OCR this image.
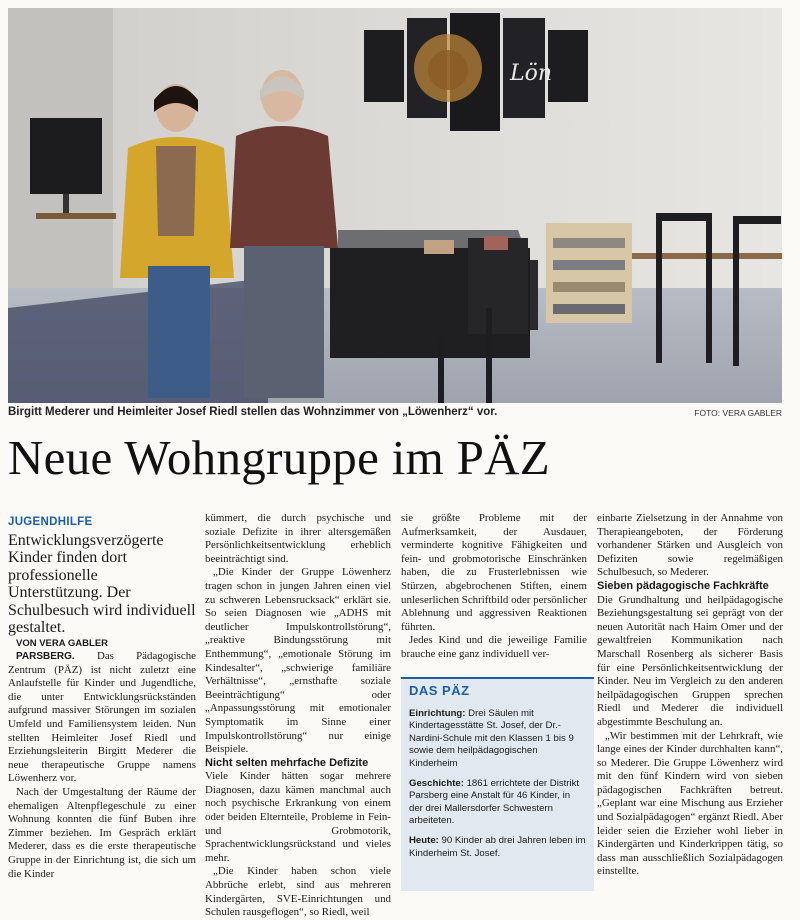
Lön
Birgitt Mederer und Heimleiter Josef Riedl stellen das Wohnzimmer von „Löwenherz“ vor.	FOTO: VERA GABLER
Neue Wohngruppe im PÄZ

JUGENDHILFE Entwicklungsverzögerte Kinder finden dort professionelle Unterstützung. Der Schulbesuch wird individuell gestaltet.

VON VERA GABLER

PARSBERG. Das Pädagogische Zentrum (PÄZ) ist nicht zuletzt eine Anlaufstelle für Kinder und Jugendliche, die unter Entwicklungsrückständen aufgrund massiver Störungen im sozialen Umfeld und Familiensystem leiden. Nun stellten Heimleiter Josef Riedl und Erziehungsleiterin Birgitt Mederer die neue therapeutische Gruppe namens Löwenherz vor.

Nach der Umgestaltung der Räume der ehemaligen Altenpflegeschule zu einer Wohnung konnten die fünf Buben ihre Zimmer beziehen. Im Gespräch erklärt Mederer, dass es die erste therapeutische Gruppe in der Einrichtung ist, die sich um die Kinder

kümmert, die durch psychische und soziale Defizite in ihrer altersgemäßen Persönlichkeitsentwicklung erheblich beeinträchtigt sind.

„Die Kinder der Gruppe Löwenherz tragen schon in jungen Jahren einen viel zu schweren Lebensrucksack“ erklärt sie. So seien Diagnosen wie „ADHS mit deutlicher Impulskontrollstörung“, „reaktive Bindungsstörung mit Enthemmung“, „emotionale Störung im Kindesalter“, „schwierige familiäre Verhältnisse“, „ernsthafte soziale Beeinträchtigung“ oder „Anpassungsstörung mit emotionaler Symptomatik im Sinne einer Impulskontrollstörung“ nur einige Beispiele.

Nicht selten mehrfache Defizite

Viele Kinder hätten sogar mehrere Diagnosen, dazu kämen manchmal auch noch psychische Erkrankung von einem oder beiden Elternteile, Probleme in Fein- und Grobmotorik, Sprachentwicklungsrückstand und vieles mehr.

„Die Kinder haben schon viele Abbrüche erlebt, sind aus mehreren Kindergärten, SVE-Einrichtungen und Schulen rausgeflogen“, so Riedl, weil

sie größte Probleme mit der Aufmerksamkeit, der Ausdauer, verminderte kognitive Fähigkeiten und fein- und grobmotorische Einschränken haben, die zu Frusterlebnissen wie Stürzen, abgebrochenen Stiften, einem unleserlichen Schriftbild oder persönlicher Ablehnung und aggressiven Reaktionen führten.

Jedes Kind und die jeweilige Familie brauche eine ganz individuell ver-

DAS PÄZ

Einrichtung: Drei Säulen mit Kindertagesstätte St. Josef, der Dr.-Nardini-Schule mit den Klassen 1 bis 9 sowie dem heilpädagogischen Kinderheim

Geschichte: 1861 errichtete der Distrikt Parsberg eine Anstalt für 46 Kinder, in der drei Mallersdorfer Schwestern arbeiteten.

Heute: 90 Kinder ab drei Jahren leben im Kinderheim St. Josef.

einbarte Zielsetzung in der Annahme von Therapieangeboten, der Förderung vorhandener Stärken und Ausgleich von Defiziten sowie regelmäßigen Schulbesuch, so Mederer.

Sieben pädagogische Fachkräfte

Die Grundhaltung und heilpädagogische Beziehungsgestaltung sei geprägt von der neuen Autorität nach Haim Omer und der gewaltfreien Kommunikation nach Marschall Rosenberg als sicherer Basis für eine Persönlichkeitsentwicklung der Kinder. Neu im Vergleich zu den anderen heilpädagogischen Gruppen sprechen Riedl und Mederer die individuell abgestimmte Beschulung an.

„Wir bestimmen mit der Lehrkraft, wie lange eines der Kinder durchhalten kann“, so Mederer. Die Gruppe Löwenherz wird mit den fünf Kindern wird von sieben pädagogischen Fachkräften betreut. „Geplant war eine Mischung aus Erzieher und Sozialpädagogen“ ergänzt Riedl. Aber leider seien die Erzieher wohl lieber in Kindergärten und Kinderkrippen tätig, so dass man ausschließlich Sozialpädagogen einstellte.
